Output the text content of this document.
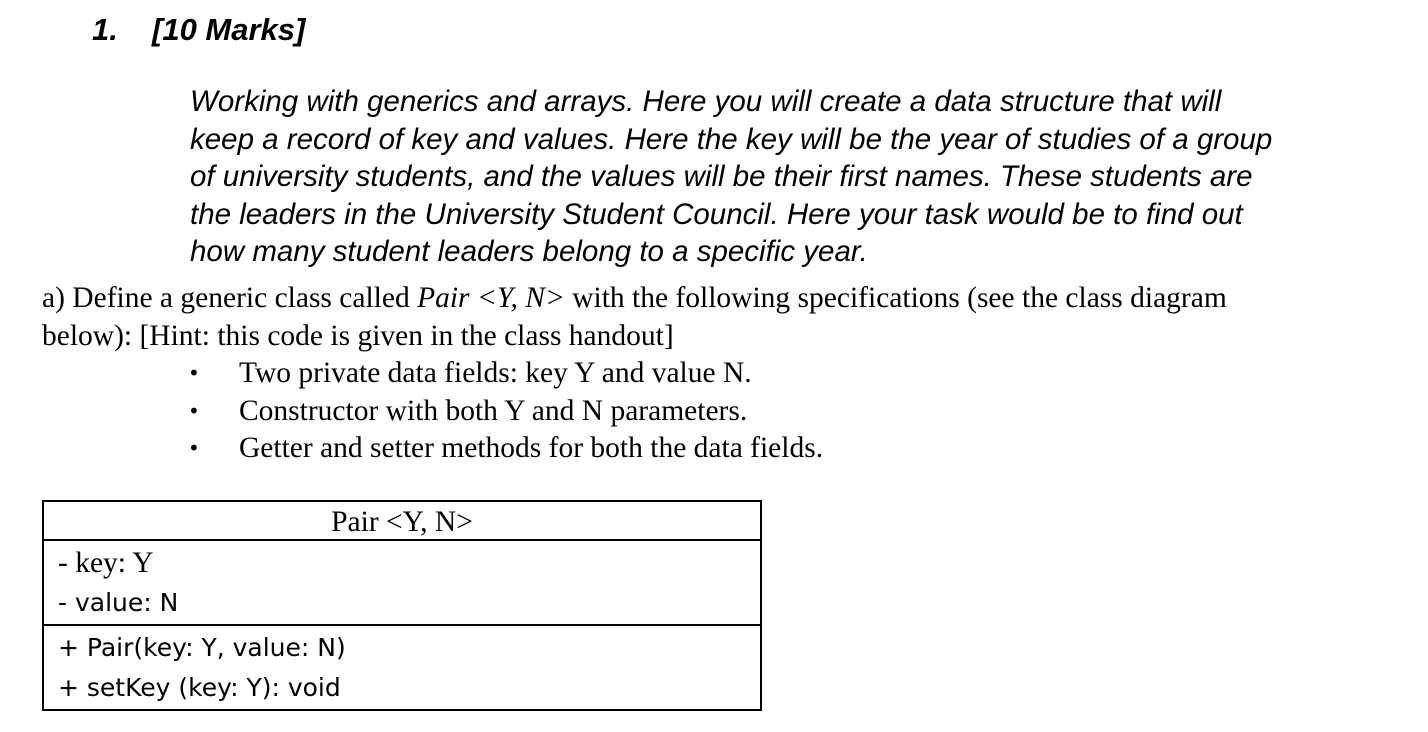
1. [10 Marks]
Working with generics and arrays. Here you will create a data structure that will
keep a record of key and values. Here the key will be the year of studies of a group
of university students, and the values will be their first names. These students are
the leaders in the University Student Council. Here your task would be to find out
how many student leaders belong to a specific year.
a) Define a generic class called Pair <Y, N> with the following specifications (see the class diagram
below): [Hint: this code is given in the class handout]
• Two private data fields: key Y and value N.
• Constructor with both Y and N parameters.
• Getter and setter methods for both the data fields.
Pair <Y, N>
- key: Y
- value: N
+ Pair(key: Y, value: N)
+ setKey (key: Y): void
